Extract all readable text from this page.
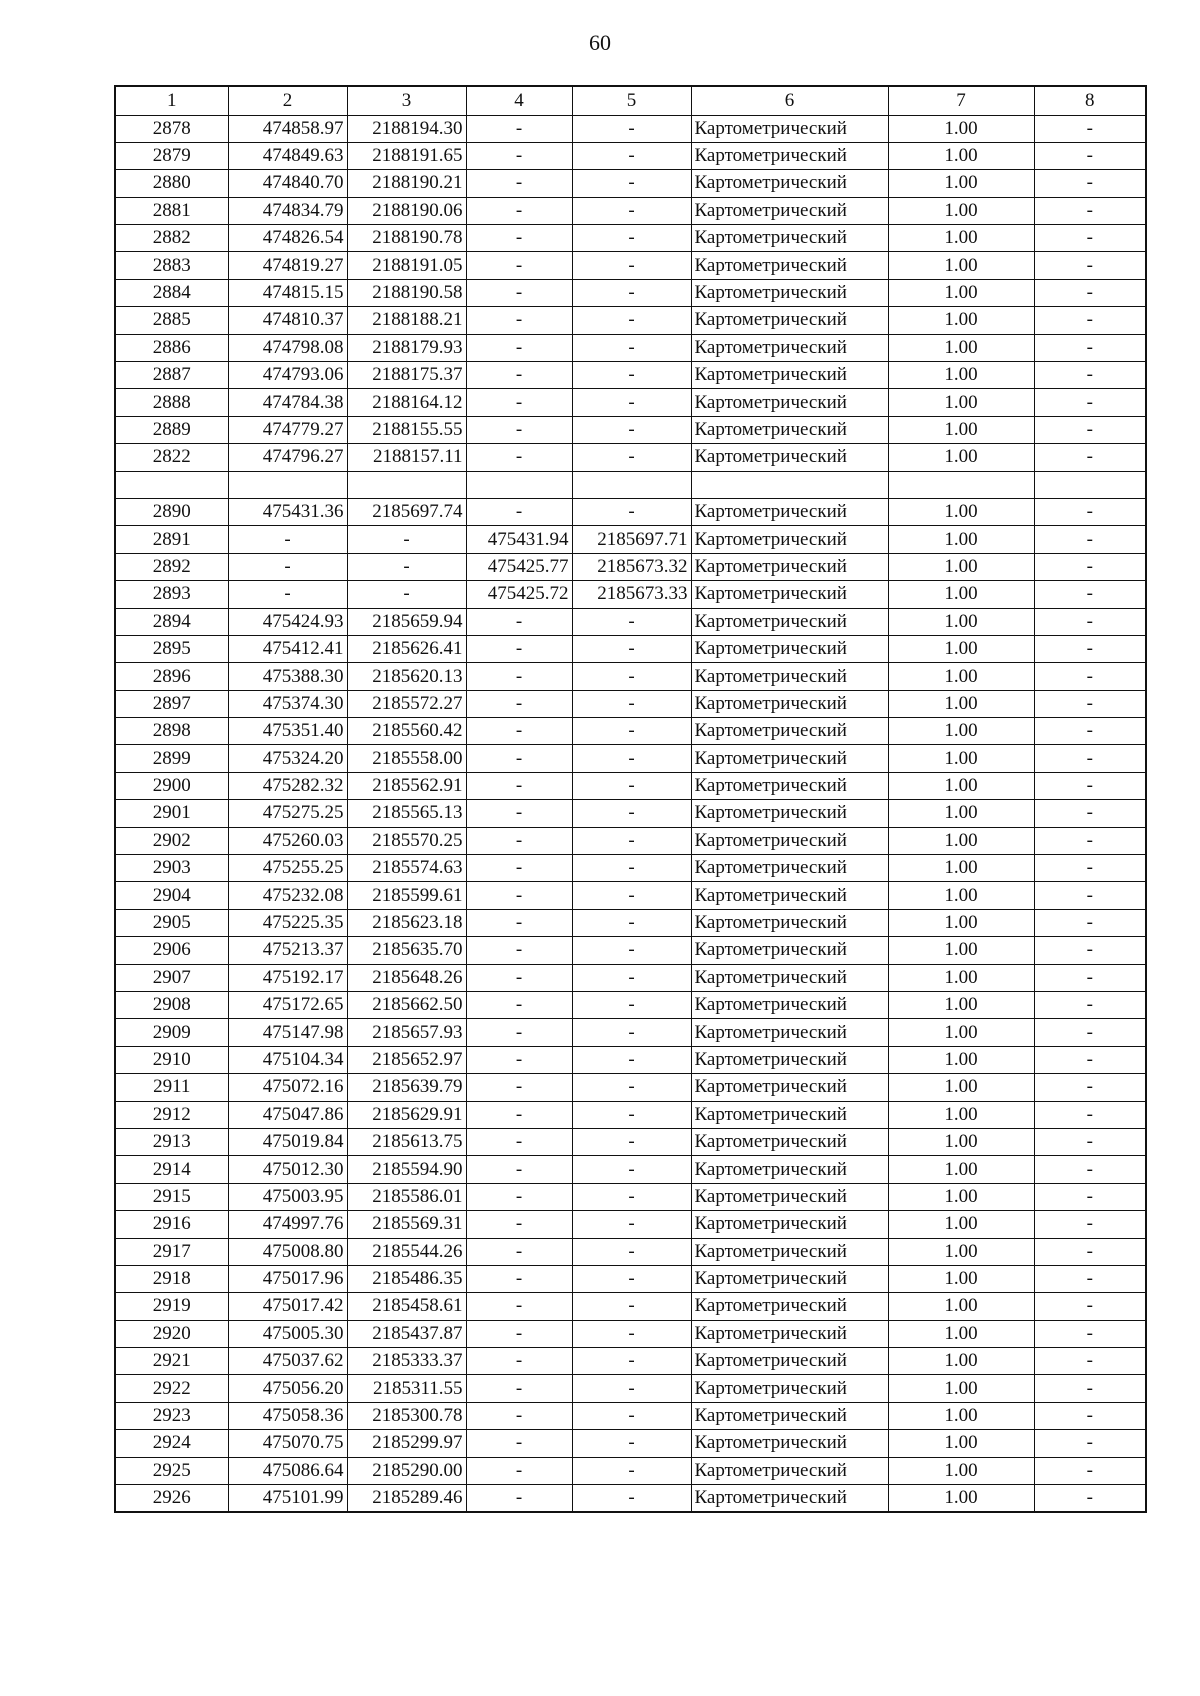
60
1	2	3	4	5	6	7	8
2878	474858.97	2188194.30	-	-	Картометрический	1.00	-
2879	474849.63	2188191.65	-	-	Картометрический	1.00	-
2880	474840.70	2188190.21	-	-	Картометрический	1.00	-
2881	474834.79	2188190.06	-	-	Картометрический	1.00	-
2882	474826.54	2188190.78	-	-	Картометрический	1.00	-
2883	474819.27	2188191.05	-	-	Картометрический	1.00	-
2884	474815.15	2188190.58	-	-	Картометрический	1.00	-
2885	474810.37	2188188.21	-	-	Картометрический	1.00	-
2886	474798.08	2188179.93	-	-	Картометрический	1.00	-
2887	474793.06	2188175.37	-	-	Картометрический	1.00	-
2888	474784.38	2188164.12	-	-	Картометрический	1.00	-
2889	474779.27	2188155.55	-	-	Картометрический	1.00	-
2822	474796.27	2188157.11	-	-	Картометрический	1.00	-

2890	475431.36	2185697.74	-	-	Картометрический	1.00	-
2891	-	-	475431.94	2185697.71	Картометрический	1.00	-
2892	-	-	475425.77	2185673.32	Картометрический	1.00	-
2893	-	-	475425.72	2185673.33	Картометрический	1.00	-
2894	475424.93	2185659.94	-	-	Картометрический	1.00	-
2895	475412.41	2185626.41	-	-	Картометрический	1.00	-
2896	475388.30	2185620.13	-	-	Картометрический	1.00	-
2897	475374.30	2185572.27	-	-	Картометрический	1.00	-
2898	475351.40	2185560.42	-	-	Картометрический	1.00	-
2899	475324.20	2185558.00	-	-	Картометрический	1.00	-
2900	475282.32	2185562.91	-	-	Картометрический	1.00	-
2901	475275.25	2185565.13	-	-	Картометрический	1.00	-
2902	475260.03	2185570.25	-	-	Картометрический	1.00	-
2903	475255.25	2185574.63	-	-	Картометрический	1.00	-
2904	475232.08	2185599.61	-	-	Картометрический	1.00	-
2905	475225.35	2185623.18	-	-	Картометрический	1.00	-
2906	475213.37	2185635.70	-	-	Картометрический	1.00	-
2907	475192.17	2185648.26	-	-	Картометрический	1.00	-
2908	475172.65	2185662.50	-	-	Картометрический	1.00	-
2909	475147.98	2185657.93	-	-	Картометрический	1.00	-
2910	475104.34	2185652.97	-	-	Картометрический	1.00	-
2911	475072.16	2185639.79	-	-	Картометрический	1.00	-
2912	475047.86	2185629.91	-	-	Картометрический	1.00	-
2913	475019.84	2185613.75	-	-	Картометрический	1.00	-
2914	475012.30	2185594.90	-	-	Картометрический	1.00	-
2915	475003.95	2185586.01	-	-	Картометрический	1.00	-
2916	474997.76	2185569.31	-	-	Картометрический	1.00	-
2917	475008.80	2185544.26	-	-	Картометрический	1.00	-
2918	475017.96	2185486.35	-	-	Картометрический	1.00	-
2919	475017.42	2185458.61	-	-	Картометрический	1.00	-
2920	475005.30	2185437.87	-	-	Картометрический	1.00	-
2921	475037.62	2185333.37	-	-	Картометрический	1.00	-
2922	475056.20	2185311.55	-	-	Картометрический	1.00	-
2923	475058.36	2185300.78	-	-	Картометрический	1.00	-
2924	475070.75	2185299.97	-	-	Картометрический	1.00	-
2925	475086.64	2185290.00	-	-	Картометрический	1.00	-
2926	475101.99	2185289.46	-	-	Картометрический	1.00	-
